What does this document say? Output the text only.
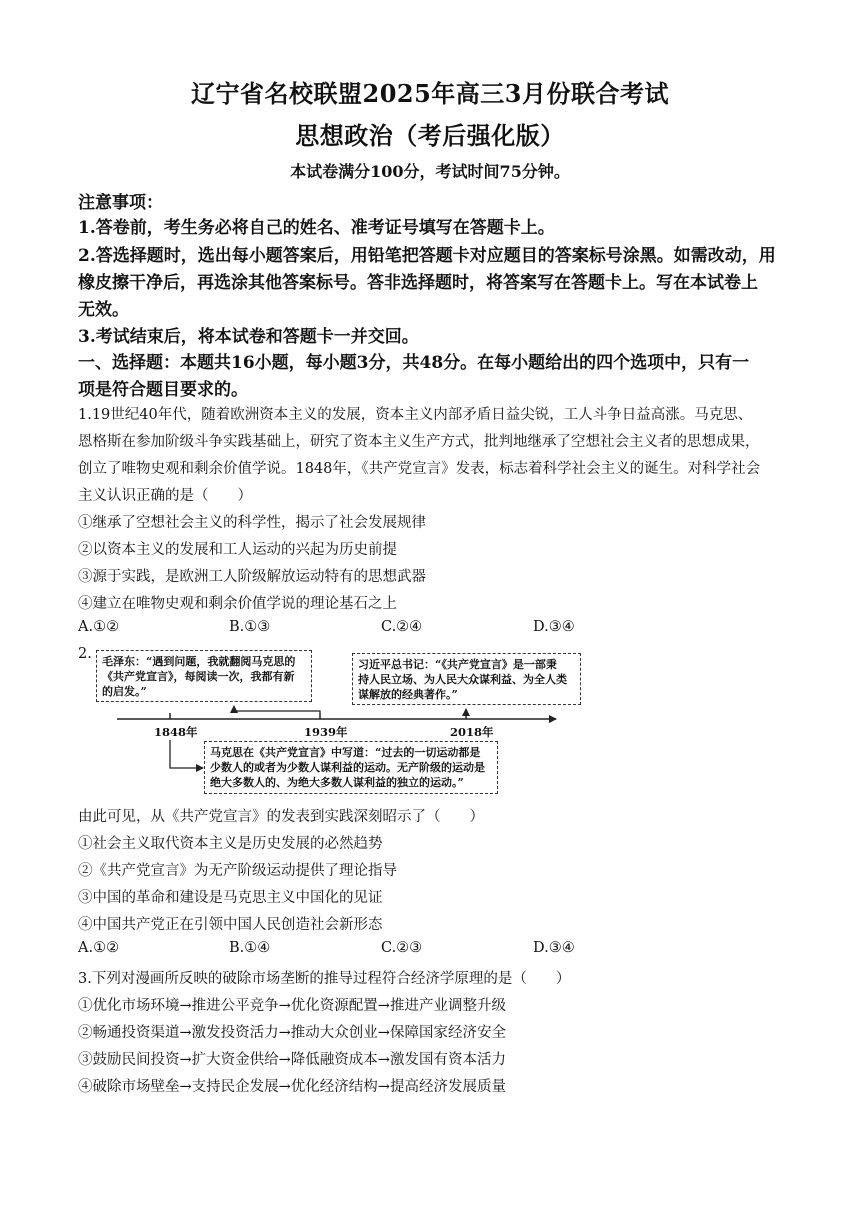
辽宁省名校联盟2025年高三3月份联合考试
思想政治（考后强化版）
本试卷满分100分，考试时间75分钟。
注意事项：
1.答卷前，考生务必将自己的姓名、准考证号填写在答题卡上。
2.答选择题时，选出每小题答案后，用铅笔把答题卡对应题目的答案标号涂黑。如需改动，用
橡皮擦干净后，再选涂其他答案标号。答非选择题时，将答案写在答题卡上。写在本试卷上
无效。
3.考试结束后，将本试卷和答题卡一并交回。
一、选择题：本题共16小题，每小题3分，共48分。在每小题给出的四个选项中，只有一
项是符合题目要求的。
1.19世纪40年代，随着欧洲资本主义的发展，资本主义内部矛盾日益尖锐，工人斗争日益高涨。马克思、
恩格斯在参加阶级斗争实践基础上，研究了资本主义生产方式，批判地继承了空想社会主义者的思想成果，
创立了唯物史观和剩余价值学说。1848年，《共产党宣言》发表，标志着科学社会主义的诞生。对科学社会
主义认识正确的是（　　）
①继承了空想社会主义的科学性，揭示了社会发展规律
②以资本主义的发展和工人运动的兴起为历史前提
③源于实践，是欧洲工人阶级解放运动特有的思想武器
④建立在唯物史观和剩余价值学说的理论基石之上
A.①②	B.①③	C.②④	D.③④
2. 毛泽东：“遇到问题，我就翻阅马克思的
《共产党宣言》，每阅读一次，我都有新
的启发。”
习近平总书记：“《共产党宣言》是一部秉
持人民立场、为人民大众谋利益、为全人类
谋解放的经典著作。”
1848年	1939年	2018年
马克思在《共产党宣言》中写道：“过去的一切运动都是
少数人的或者为少数人谋利益的运动。无产阶级的运动是
绝大多数人的、为绝大多数人谋利益的独立的运动。”
由此可见，从《共产党宣言》的发表到实践深刻昭示了（　　）
①社会主义取代资本主义是历史发展的必然趋势
②《共产党宣言》为无产阶级运动提供了理论指导
③中国的革命和建设是马克思主义中国化的见证
④中国共产党正在引领中国人民创造社会新形态
A.①②	B.①④	C.②③	D.③④
3.下列对漫画所反映的破除市场垄断的推导过程符合经济学原理的是（　　）
①优化市场环境→推进公平竞争→优化资源配置→推进产业调整升级
②畅通投资渠道→激发投资活力→推动大众创业→保障国家经济安全
③鼓励民间投资→扩大资金供给→降低融资成本→激发国有资本活力
④破除市场壁垒→支持民企发展→优化经济结构→提高经济发展质量
